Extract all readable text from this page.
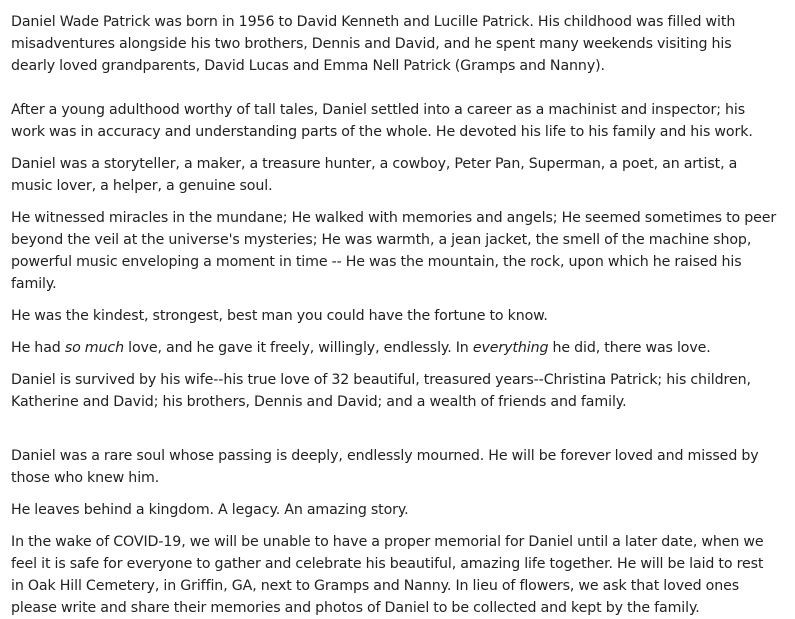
Daniel Wade Patrick was born in 1956 to David Kenneth and Lucille Patrick. His childhood was filled with misadventures alongside his two brothers, Dennis and David, and he spent many weekends visiting his dearly loved grandparents, David Lucas and Emma Nell Patrick (Gramps and Nanny).

After a young adulthood worthy of tall tales, Daniel settled into a career as a machinist and inspector; his work was in accuracy and understanding parts of the whole. He devoted his life to his family and his work.

Daniel was a storyteller, a maker, a treasure hunter, a cowboy, Peter Pan, Superman, a poet, an artist, a music lover, a helper, a genuine soul.

He witnessed miracles in the mundane; He walked with memories and angels; He seemed sometimes to peer beyond the veil at the universe's mysteries; He was warmth, a jean jacket, the smell of the machine shop, powerful music enveloping a moment in time -- He was the mountain, the rock, upon which he raised his family.

He was the kindest, strongest, best man you could have the fortune to know.

He had so much love, and he gave it freely, willingly, endlessly. In everything he did, there was love.

Daniel is survived by his wife--his true love of 32 beautiful, treasured years--Christina Patrick; his children, Katherine and David; his brothers, Dennis and David; and a wealth of friends and family.

Daniel was a rare soul whose passing is deeply, endlessly mourned. He will be forever loved and missed by those who knew him.

He leaves behind a kingdom. A legacy. An amazing story.

In the wake of COVID-19, we will be unable to have a proper memorial for Daniel until a later date, when we feel it is safe for everyone to gather and celebrate his beautiful, amazing life together. He will be laid to rest in Oak Hill Cemetery, in Griffin, GA, next to Gramps and Nanny. In lieu of flowers, we ask that loved ones please write and share their memories and photos of Daniel to be collected and kept by the family.
